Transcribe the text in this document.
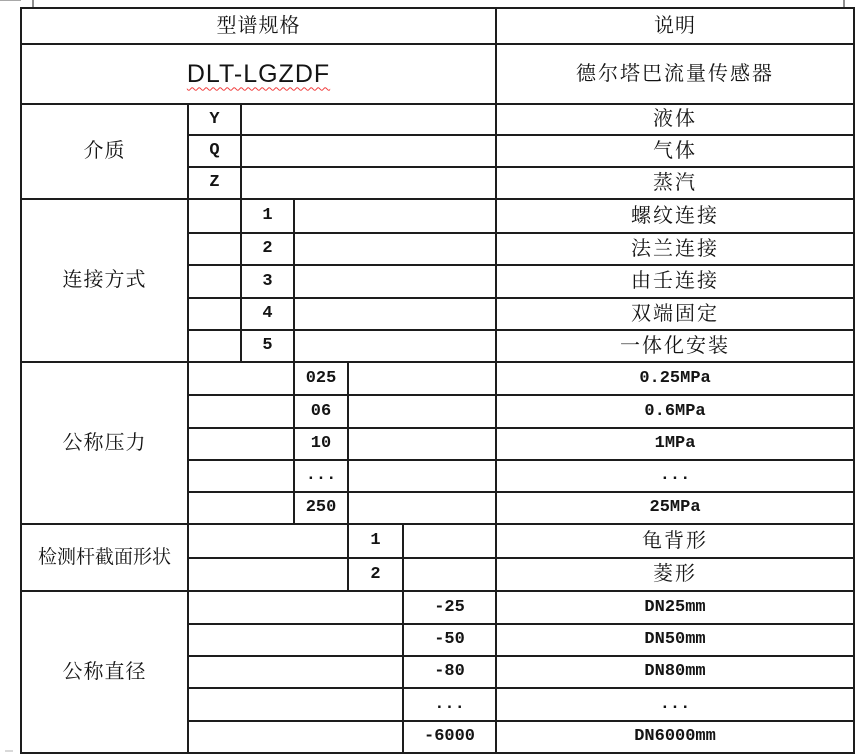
型谱规格						说明
DLT-LGZDF						德尔塔巴流量传感器
介质	Y					液体
	Q					气体
	Z					蒸汽
连接方式		1				螺纹连接
		2				法兰连接
		3				由壬连接
		4				双端固定
		5				一体化安装
公称压力			025			0.25MPa
			06			0.6MPa
			10			1MPa
			...			...
			250			25MPa
检测杆截面形状				1		龟背形
				2		菱形
公称直径					-25	DN25mm
					-50	DN50mm
					-80	DN80mm
					...	...
					-6000	DN6000mm
